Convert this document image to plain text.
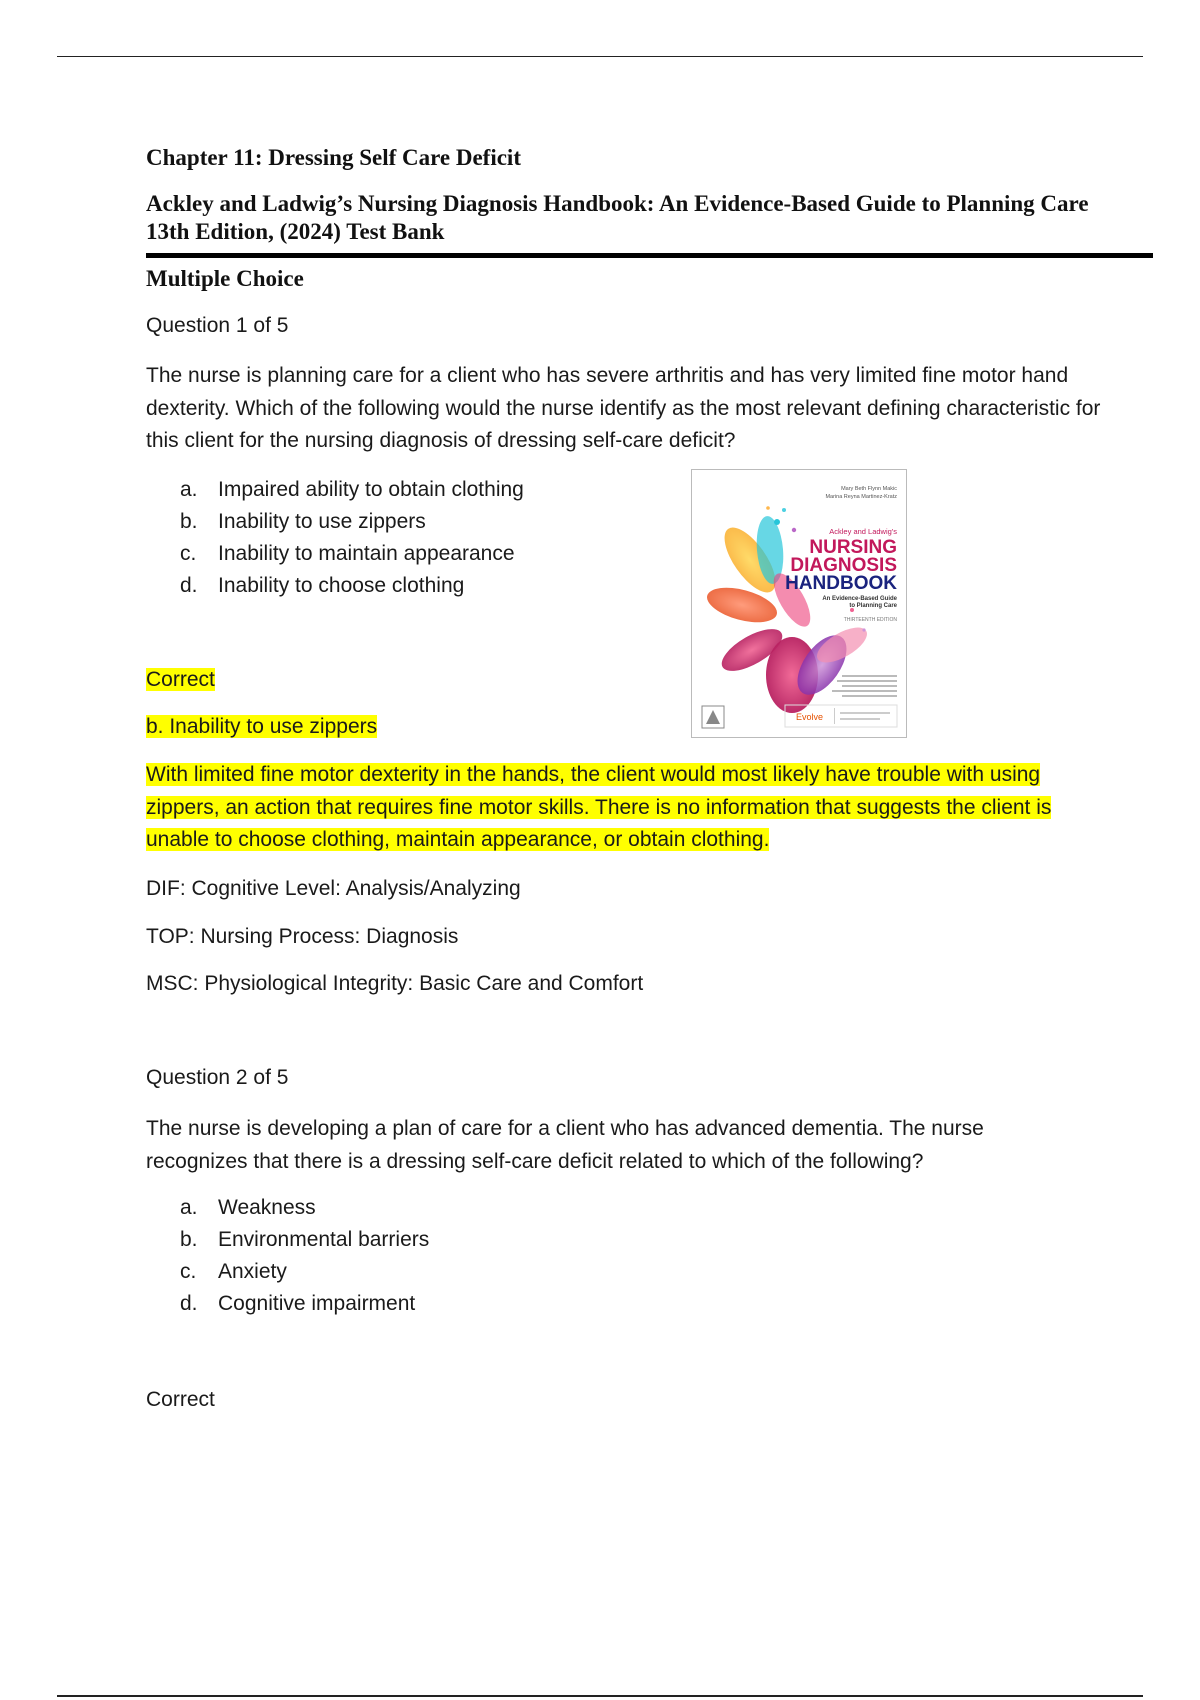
Chapter 11: Dressing Self Care Deficit
Ackley and Ladwig’s Nursing Diagnosis Handbook: An Evidence-Based Guide to Planning Care 13th Edition, (2024) Test Bank
Multiple Choice
Question 1 of 5
The nurse is planning care for a client who has severe arthritis and has very limited fine motor hand dexterity. Which of the following would the nurse identify as the most relevant defining characteristic for this client for the nursing diagnosis of dressing self-care deficit?
a. Impaired ability to obtain clothing
b. Inability to use zippers
c.	Inability to maintain appearance
d. Inability to choose clothing
Mary Beth Flynn Makic
Marina Reyna Martinez-Kratz
Ackley and Ladwig's
NURSING
DIAGNOSIS
HANDBOOK
An Evidence-Based Guide
to Planning Care
THIRTEENTH EDITION
Evolve
Correct
b. Inability to use zippers
With limited fine motor dexterity in the hands, the client would most likely have trouble with using zippers, an action that requires fine motor skills. There is no information that suggests the client is unable to choose clothing, maintain appearance, or obtain clothing.
DIF: Cognitive Level: Analysis/Analyzing
TOP: Nursing Process: Diagnosis
MSC: Physiological Integrity: Basic Care and Comfort
Question 2 of 5
The nurse is developing a plan of care for a client who has advanced dementia. The nurse recognizes that there is a dressing self-care deficit related to which of the following?
a. Weakness
b. Environmental barriers
c.	Anxiety
d. Cognitive impairment
Correct
